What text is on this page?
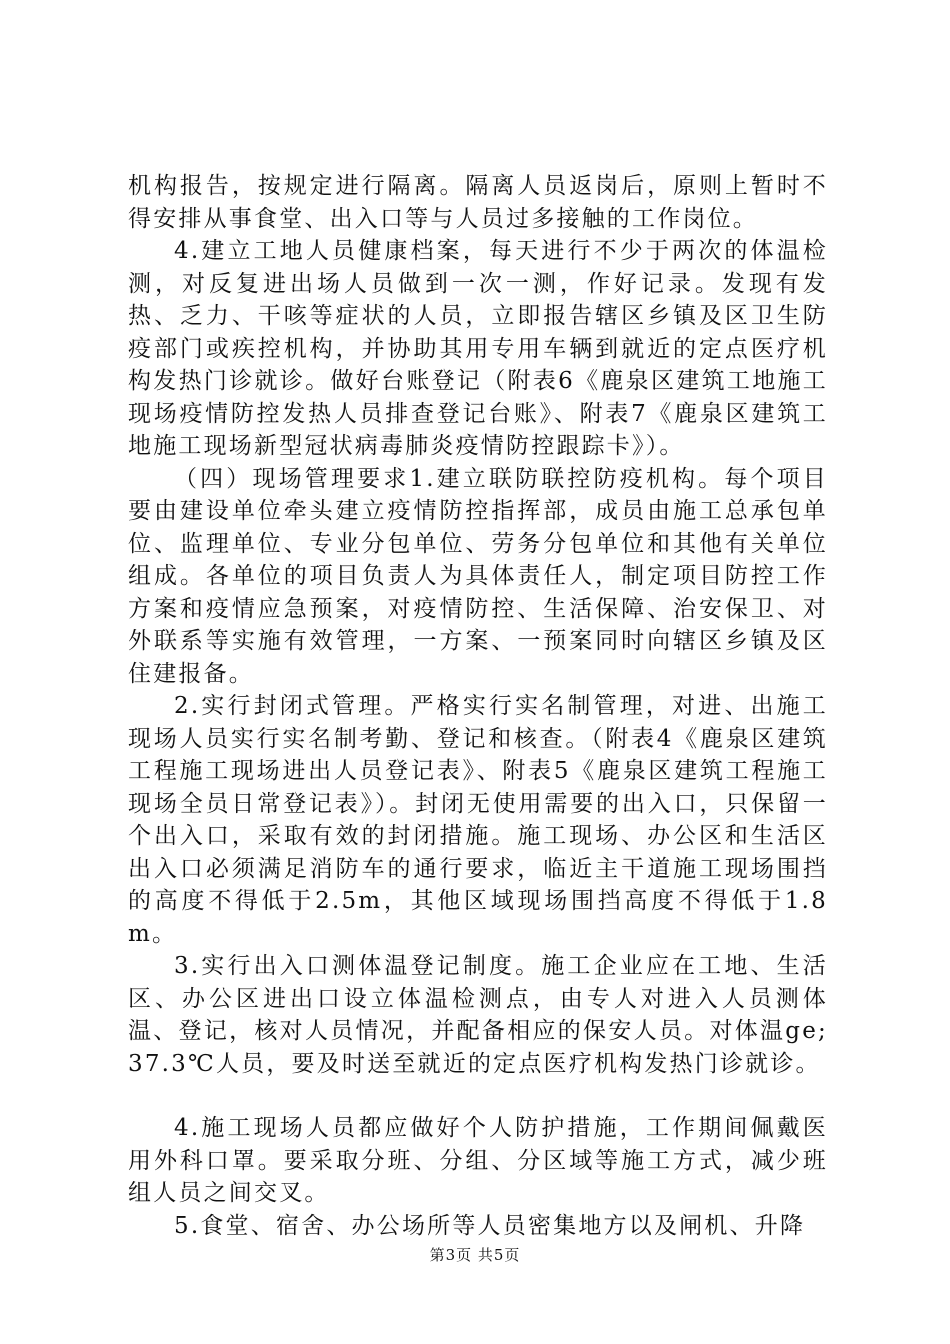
机构报告，按规定进行隔离。隔离人员返岗后，原则上暂时不得安排从事食堂、出入口等与人员过多接触的工作岗位。

4.建立工地人员健康档案，每天进行不少于两次的体温检测，对反复进出场人员做到一次一测，作好记录。发现有发热、乏力、干咳等症状的人员，立即报告辖区乡镇及区卫生防疫部门或疾控机构，并协助其用专用车辆到就近的定点医疗机构发热门诊就诊。做好台账登记（附表6《鹿泉区建筑工地施工现场疫情防控发热人员排查登记台账》、附表7《鹿泉区建筑工地施工现场新型冠状病毒肺炎疫情防控跟踪卡》）。

（四）现场管理要求1.建立联防联控防疫机构。每个项目要由建设单位牵头建立疫情防控指挥部，成员由施工总承包单位、监理单位、专业分包单位、劳务分包单位和其他有关单位组成。各单位的项目负责人为具体责任人，制定项目防控工作方案和疫情应急预案，对疫情防控、生活保障、治安保卫、对外联系等实施有效管理，一方案、一预案同时向辖区乡镇及区住建报备。

2.实行封闭式管理。严格实行实名制管理，对进、出施工现场人员实行实名制考勤、登记和核查。（附表4《鹿泉区建筑工程施工现场进出人员登记表》、附表5《鹿泉区建筑工程施工现场全员日常登记表》）。封闭无使用需要的出入口，只保留一个出入口，采取有效的封闭措施。施工现场、办公区和生活区出入口必须满足消防车的通行要求，临近主干道施工现场围挡的高度不得低于2.5m，其他区域现场围挡高度不得低于1.8m。

3.实行出入口测体温登记制度。施工企业应在工地、生活区、办公区进出口设立体温检测点，由专人对进入人员测体温、登记，核对人员情况，并配备相应的保安人员。对体温ge;37.3℃人员，要及时送至就近的定点医疗机构发热门诊就诊。

4.施工现场人员都应做好个人防护措施，工作期间佩戴医用外科口罩。要采取分班、分组、分区域等施工方式，减少班组人员之间交叉。

5.食堂、宿舍、办公场所等人员密集地方以及闸机、升降

第3页 共5页
